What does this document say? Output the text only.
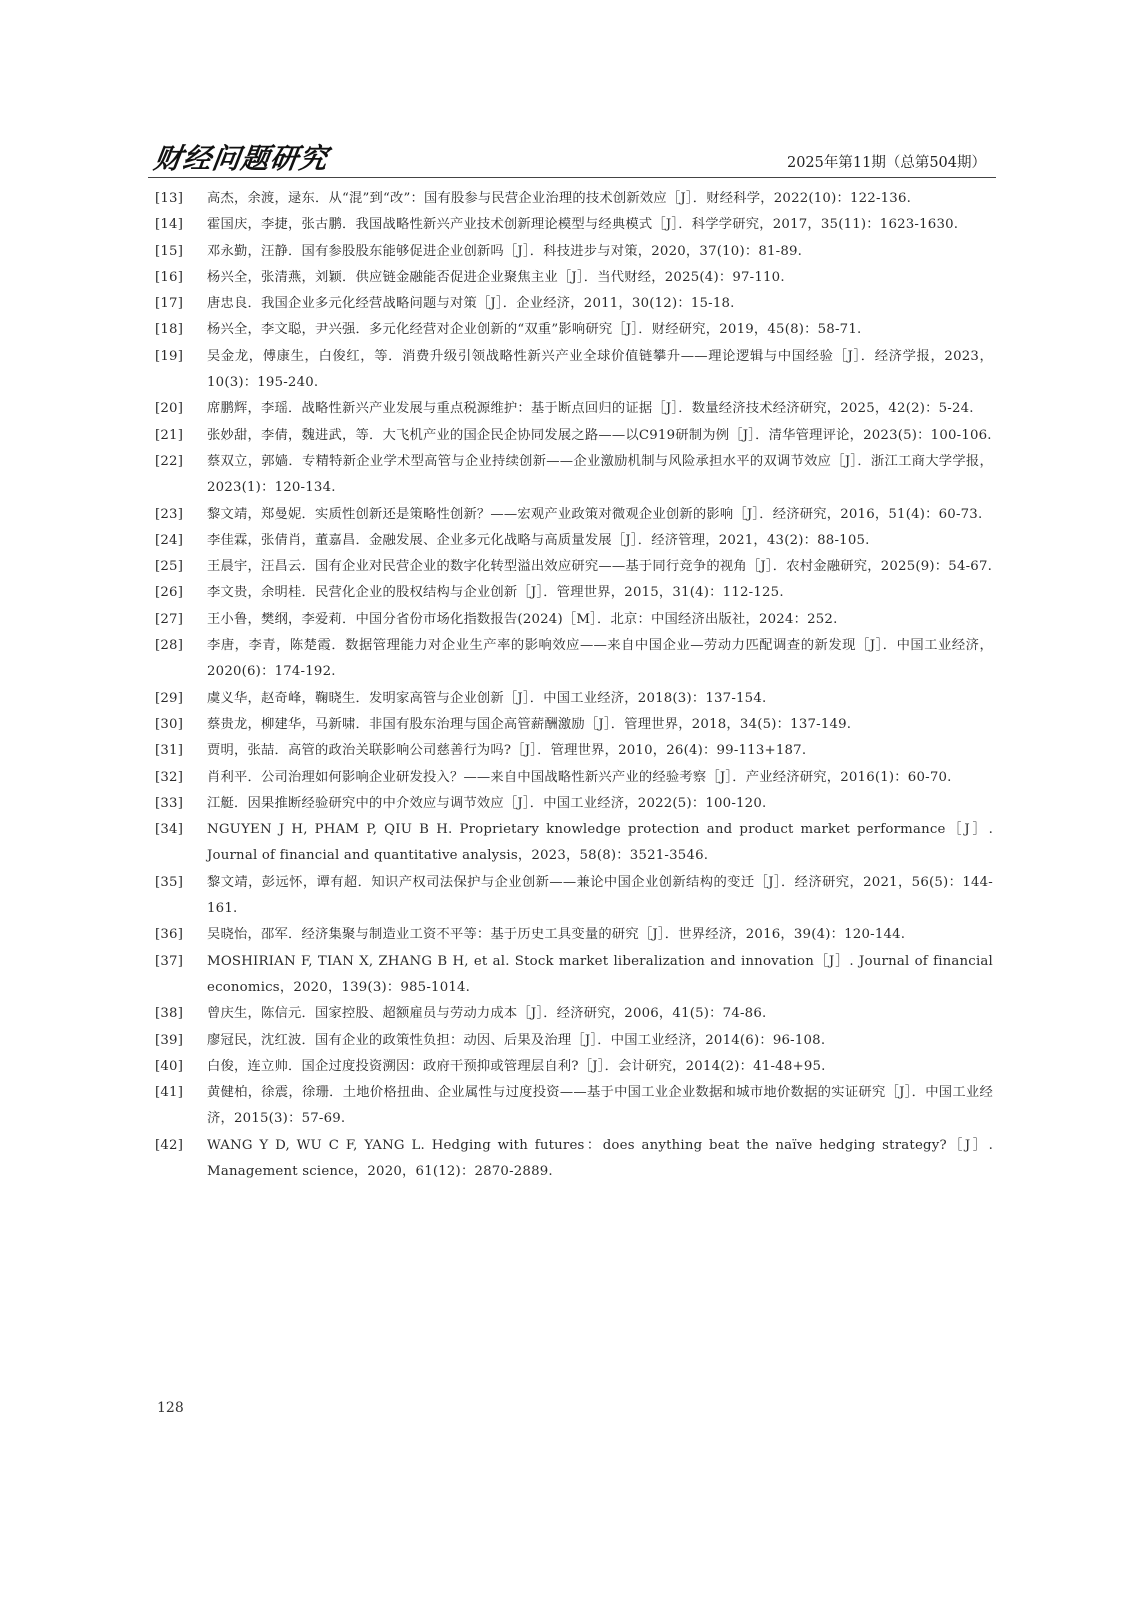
财经问题研究	2025年第11期（总第504期）
[13]	高杰，余渡，逯东．从“混”到“改”：国有股参与民营企业治理的技术创新效应［J］．财经科学，2022(10)：122-136.
[14]	霍国庆，李捷，张古鹏．我国战略性新兴产业技术创新理论模型与经典模式［J］．科学学研究，2017，35(11)：1623-1630.
[15]	邓永勤，汪静．国有参股股东能够促进企业创新吗［J］．科技进步与对策，2020，37(10)：81-89.
[16]	杨兴全，张清燕，刘颖．供应链金融能否促进企业聚焦主业［J］．当代财经，2025(4)：97-110.
[17]	唐忠良．我国企业多元化经营战略问题与对策［J］．企业经济，2011，30(12)：15-18.
[18]	杨兴全，李文聪，尹兴强．多元化经营对企业创新的“双重”影响研究［J］．财经研究，2019，45(8)：58-71.
[19]	吴金龙，傅康生，白俊红，等．消费升级引领战略性新兴产业全球价值链攀升——理论逻辑与中国经验［J］．经济学报，2023，10(3)：195-240.
[20]	席鹏辉，李瑶．战略性新兴产业发展与重点税源维护：基于断点回归的证据［J］．数量经济技术经济研究，2025，42(2)：5-24.
[21]	张妙甜，李倩，魏进武，等．大飞机产业的国企民企协同发展之路——以C919研制为例［J］．清华管理评论，2023(5)：100-106.
[22]	蔡双立，郭嫱．专精特新企业学术型高管与企业持续创新——企业激励机制与风险承担水平的双调节效应［J］．浙江工商大学学报，2023(1)：120-134.
[23]	黎文靖，郑曼妮．实质性创新还是策略性创新？——宏观产业政策对微观企业创新的影响［J］．经济研究，2016，51(4)：60-73.
[24]	李佳霖，张倩肖，董嘉昌．金融发展、企业多元化战略与高质量发展［J］．经济管理，2021，43(2)：88-105.
[25]	王晨宇，汪昌云．国有企业对民营企业的数字化转型溢出效应研究——基于同行竞争的视角［J］．农村金融研究，2025(9)：54-67.
[26]	李文贵，余明桂．民营化企业的股权结构与企业创新［J］．管理世界，2015，31(4)：112-125.
[27]	王小鲁，樊纲，李爱莉．中国分省份市场化指数报告(2024)［M］．北京：中国经济出版社，2024：252.
[28]	李唐，李青，陈楚霞．数据管理能力对企业生产率的影响效应——来自中国企业—劳动力匹配调查的新发现［J］．中国工业经济，2020(6)：174-192.
[29]	虞义华，赵奇峰，鞠晓生．发明家高管与企业创新［J］．中国工业经济，2018(3)：137-154.
[30]	蔡贵龙，柳建华，马新啸．非国有股东治理与国企高管薪酬激励［J］．管理世界，2018，34(5)：137-149.
[31]	贾明，张喆．高管的政治关联影响公司慈善行为吗?［J］．管理世界，2010，26(4)：99-113+187.
[32]	肖利平．公司治理如何影响企业研发投入？——来自中国战略性新兴产业的经验考察［J］．产业经济研究，2016(1)：60-70.
[33]	江艇．因果推断经验研究中的中介效应与调节效应［J］．中国工业经济，2022(5)：100-120.
[34]	NGUYEN J H, PHAM P, QIU B H. Proprietary knowledge protection and product market performance［J］. Journal of financial and quantitative analysis，2023，58(8)：3521-3546.
[35]	黎文靖，彭远怀，谭有超．知识产权司法保护与企业创新——兼论中国企业创新结构的变迁［J］．经济研究，2021，56(5)：144-161.
[36]	吴晓怡，邵军．经济集聚与制造业工资不平等：基于历史工具变量的研究［J］．世界经济，2016，39(4)：120-144.
[37]	MOSHIRIAN F, TIAN X, ZHANG B H, et al. Stock market liberalization and innovation［J］. Journal of financial economics，2020，139(3)：985-1014.
[38]	曾庆生，陈信元．国家控股、超额雇员与劳动力成本［J］．经济研究，2006，41(5)：74-86.
[39]	廖冠民，沈红波．国有企业的政策性负担：动因、后果及治理［J］．中国工业经济，2014(6)：96-108.
[40]	白俊，连立帅．国企过度投资溯因：政府干预抑或管理层自利?［J］．会计研究，2014(2)：41-48+95.
[41]	黄健柏，徐震，徐珊．土地价格扭曲、企业属性与过度投资——基于中国工业企业数据和城市地价数据的实证研究［J］．中国工业经济，2015(3)：57-69.
[42]	WANG Y D, WU C F, YANG L. Hedging with futures：does anything beat the naïve hedging strategy?［J］. Management science，2020，61(12)：2870-2889.
128
